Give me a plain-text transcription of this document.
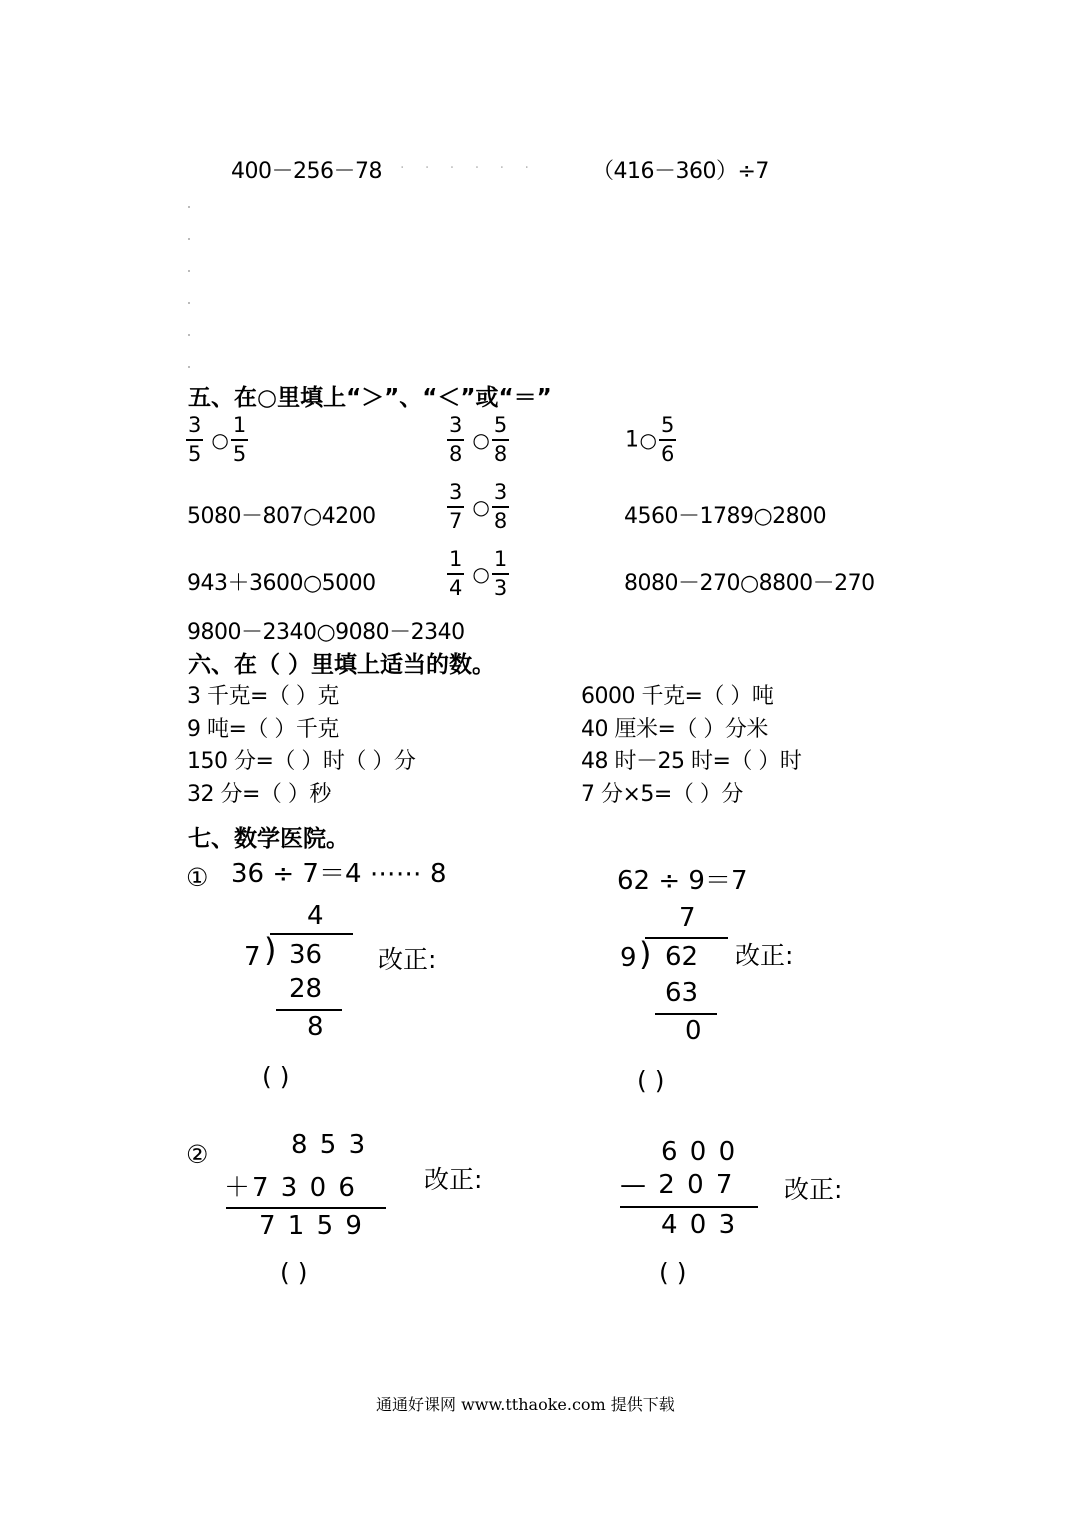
400－256－78 · · · · · ·	（416－360）÷7
五、在○里填上“＞”、“＜”或“＝”
$\frac{3}{5}$ ○ $\frac{1}{5}$	$\frac{3}{8}$ ○ $\frac{5}{8}$	1○ $\frac{5}{6}$
5080－807○4200	$\frac{3}{7}$ ○ $\frac{3}{8}$	4560－1789○2800
943＋3600○5000	$\frac{1}{4}$ ○ $\frac{1}{3}$	8080－270○8800－270
9800－2340○9080－2340
六、在（ ）里填上适当的数。
3 千克=（ ）克	6000 千克=（ ）吨
9 吨=（ ）千克	40 厘米=（ ）分米
150 分=（ ）时（ ）分	48 时－25 时=（ ）时
32 分=（ ）秒	7 分×5=（ ）分
七、数学医院。
① 36 ÷ 7＝4 ⋯⋯ 8
4
7 ) 36
28
8
改正:
( )
62 ÷ 9＝7
7
9 ) 62
63
0
改正:
( )
②	8 5 3
＋7 3 0 6
7 1 5 9
改正:
( )
6 0 0
— 2 0 7
4 0 3
改正:
( )
通通好课网 www.tthaoke.com 提供下载
